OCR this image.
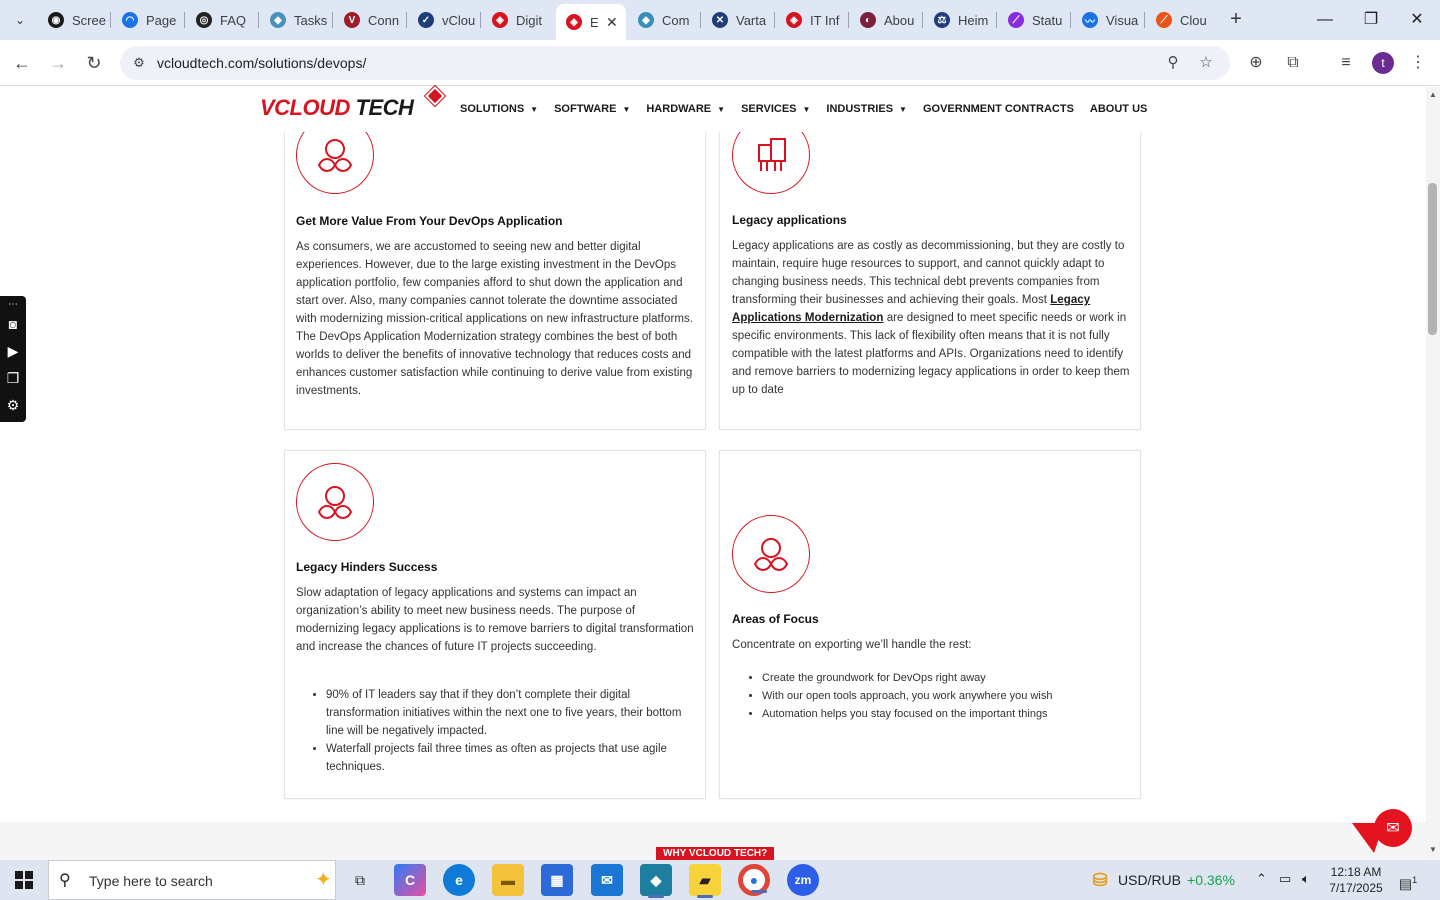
⌄	◉ Scree	◠ Page	◎ FAQ	◆ Tasks	V Conn	✓ vClou	◈ Digit	◈ E ✕	◆ Com	✕ Varta	◈ IT Inf	◐ Abou	⚖ Heim	⟋ Statu	〰 Visua	⟋ Clou +	—	❐	✕
← →	↻	⚙ vcloudtech.com/solutions/devops/	⚲	☆ ⊕	⧉	≡	t	⋮
VCLOUD TECH	SOLUTIONS ▼ SOFTWARE ▼ HARDWARE ▼ SERVICES ▼ INDUSTRIES ▼ GOVERNMENT CONTRACTS ABOUT US
⋯
◙
▶
❐
⚙
Get More Value From Your DevOps Application
As consumers, we are accustomed to seeing new and better digital experiences. However, due to the large existing investment in the DevOps application portfolio, few companies afford to shut down the application and start over. Also, many companies cannot tolerate the downtime associated with modernizing mission-critical applications on new infrastructure platforms. The DevOps Application Modernization strategy combines the best of both worlds to deliver the benefits of innovative technology that reduces costs and enhances customer satisfaction while continuing to derive value from existing investments.
Legacy applications
Legacy applications are as costly as decommissioning, but they are costly to maintain, require huge resources to support, and cannot quickly adapt to changing business needs. This technical debt prevents companies from transforming their businesses and achieving their goals. Most Legacy Applications Modernization are designed to meet specific needs or work in specific environments. This lack of flexibility often means that it is not fully compatible with the latest platforms and APIs. Organizations need to identify and remove barriers to modernizing legacy applications in order to keep them up to date
Legacy Hinders Success
Slow adaptation of legacy applications and systems can impact an organization’s ability to meet new business needs. The purpose of modernizing legacy applications is to remove barriers to digital transformation and increase the chances of future IT projects succeeding.
• 90% of IT leaders say that if they don’t complete their digital transformation initiatives within the next one to five years, their bottom line will be negatively impacted.
• Waterfall projects fail three times as often as projects that use agile techniques.
Areas of Focus
Concentrate on exporting we’ll handle the rest:
• Create the groundwork for DevOps right away
• With our open tools approach, you work anywhere you wish
• Automation helps you stay focused on the important things
WHY VCLOUD TECH?
✉
▲
▼
⚲ Type here to search	✦	⧉	C	e	▬	▦	✉	◆	▰	●	zm	⛁ USD/RUB +0.36% ⌃ ▭ 🔈︎ 12:18 AM
7/17/2025 ▤$^1$
